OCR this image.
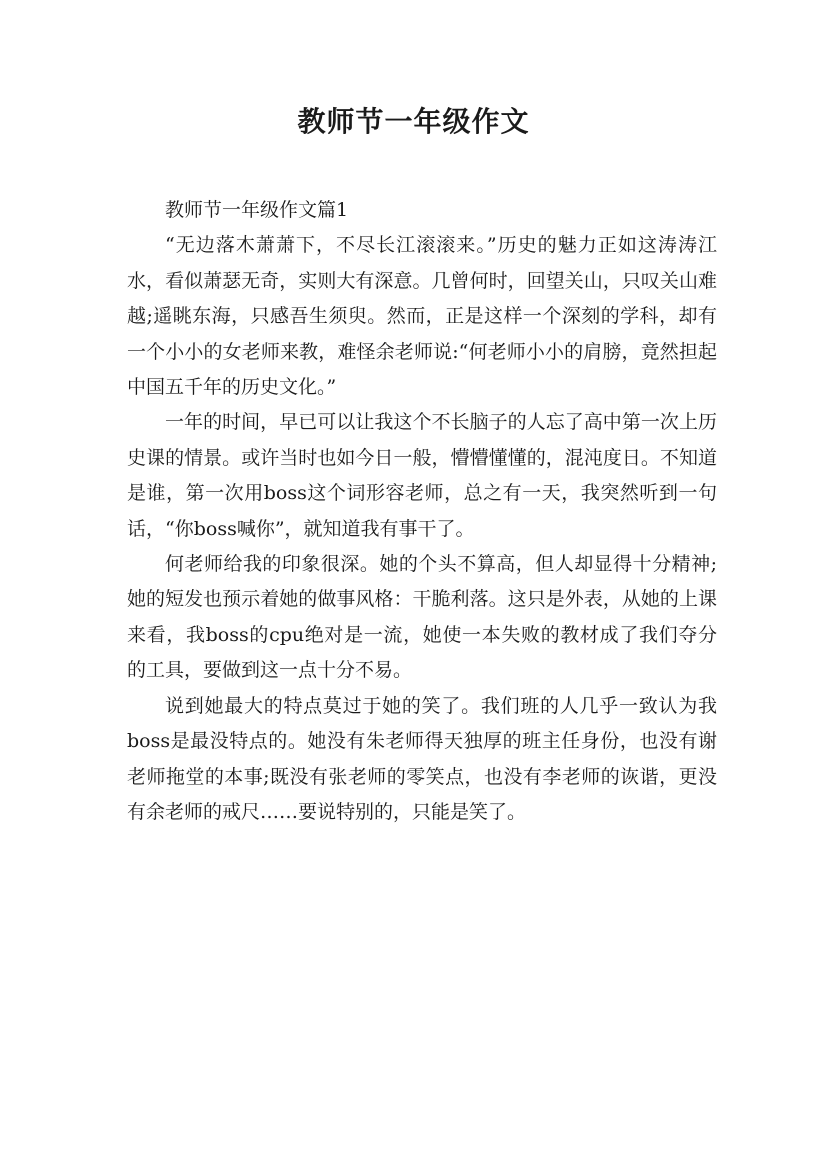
教师节一年级作文

教师节一年级作文篇1

“无边落木萧萧下，不尽长江滚滚来。”历史的魅力正如这涛涛江水，看似萧瑟无奇，实则大有深意。几曾何时，回望关山，只叹关山难越;遥眺东海，只感吾生须臾。然而，正是这样一个深刻的学科，却有一个小小的女老师来教，难怪余老师说:“何老师小小的肩膀，竟然担起中国五千年的历史文化。”

一年的时间，早已可以让我这个不长脑子的人忘了高中第一次上历史课的情景。或许当时也如今日一般，懵懵懂懂的，混沌度日。不知道是谁，第一次用boss这个词形容老师，总之有一天，我突然听到一句话，“你boss喊你”，就知道我有事干了。

何老师给我的印象很深。她的个头不算高，但人却显得十分精神;她的短发也预示着她的做事风格：干脆利落。这只是外表，从她的上课来看，我boss的cpu绝对是一流，她使一本失败的教材成了我们夺分的工具，要做到这一点十分不易。

说到她最大的特点莫过于她的笑了。我们班的人几乎一致认为我boss是最没特点的。她没有朱老师得天独厚的班主任身份，也没有谢老师拖堂的本事;既没有张老师的零笑点，也没有李老师的诙谐，更没有余老师的戒尺……要说特别的，只能是笑了。
